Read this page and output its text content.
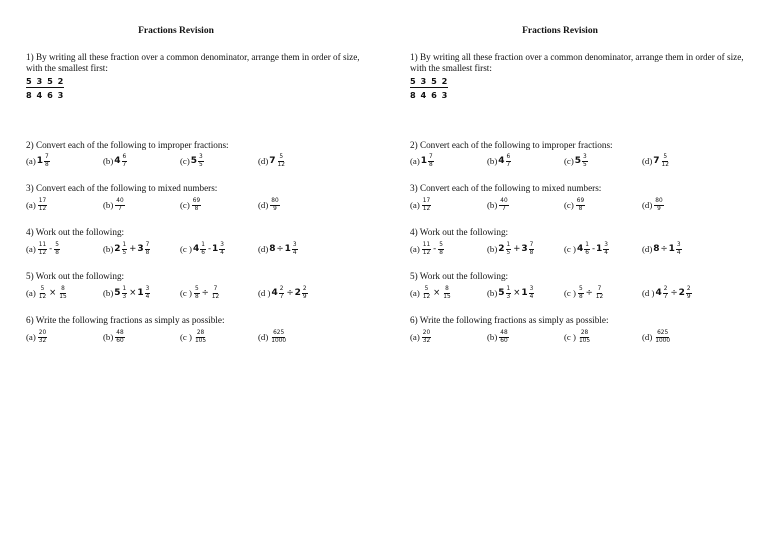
Fractions Revision
1) By writing all these fraction over a common denominator, arrange them in order of size, with the smallest first:
5 3 5 2
8 4 6 3
2) Convert each of the following to improper fractions:
(a) $1 \frac{7}{8}$	(b) $4 \frac{6}{7}$	(c) $5 \frac{3}{5}$	(d) $7 \frac{5}{12}$
3) Convert each of the following to mixed numbers:
$(a) \frac{17}{12}$	$(b) \frac{40}{7}$	$(c) \frac{69}{8}$	$(d) \frac{80}{9}$
4) Work out the following:
$(a) \frac{11}{12} - \frac{5}{8}$	(b) $2 \frac{1}{5} + 3 \frac{7}{8}$	(c ) $4 \frac{1}{6} - 1 \frac{3}{4}$	(d) $8 \div 1 \frac{3}{4}$
5) Work out the following:
$(a) \frac{5}{12} \times \frac{8}{15}$	(b) $5 \frac{1}{3} \times 1 \frac{3}{4}$	(c ) $\frac{5}{8} \div \frac{7}{12}$	(d ) $4 \frac{2}{7} \div 2 \frac{2}{9}$
6) Write the following fractions as simply as possible:
$(a) \frac{20}{32}$	$(b) \frac{48}{60}$	(c ) $\frac{28}{105}$	$(d) \frac{625}{1000}$
Fractions Revision
1) By writing all these fraction over a common denominator, arrange them in order of size, with the smallest first:
5 3 5 2
8 4 6 3
2) Convert each of the following to improper fractions:
(a) $1 \frac{7}{8}$	(b) $4 \frac{6}{7}$	(c) $5 \frac{3}{5}$	(d) $7 \frac{5}{12}$
3) Convert each of the following to mixed numbers:
$(a) \frac{17}{12}$	$(b) \frac{40}{7}$	$(c) \frac{69}{8}$	$(d) \frac{80}{9}$
4) Work out the following:
$(a) \frac{11}{12} - \frac{5}{8}$	(b) $2 \frac{1}{5} + 3 \frac{7}{8}$	(c ) $4 \frac{1}{6} - 1 \frac{3}{4}$	(d) $8 \div 1 \frac{3}{4}$
5) Work out the following:
$(a) \frac{5}{12} \times \frac{8}{15}$	(b) $5 \frac{1}{3} \times 1 \frac{3}{4}$	(c ) $\frac{5}{8} \div \frac{7}{12}$	(d ) $4 \frac{2}{7} \div 2 \frac{2}{9}$
6) Write the following fractions as simply as possible:
$(a) \frac{20}{32}$	$(b) \frac{48}{60}$	(c ) $\frac{28}{105}$	$(d) \frac{625}{1000}$
